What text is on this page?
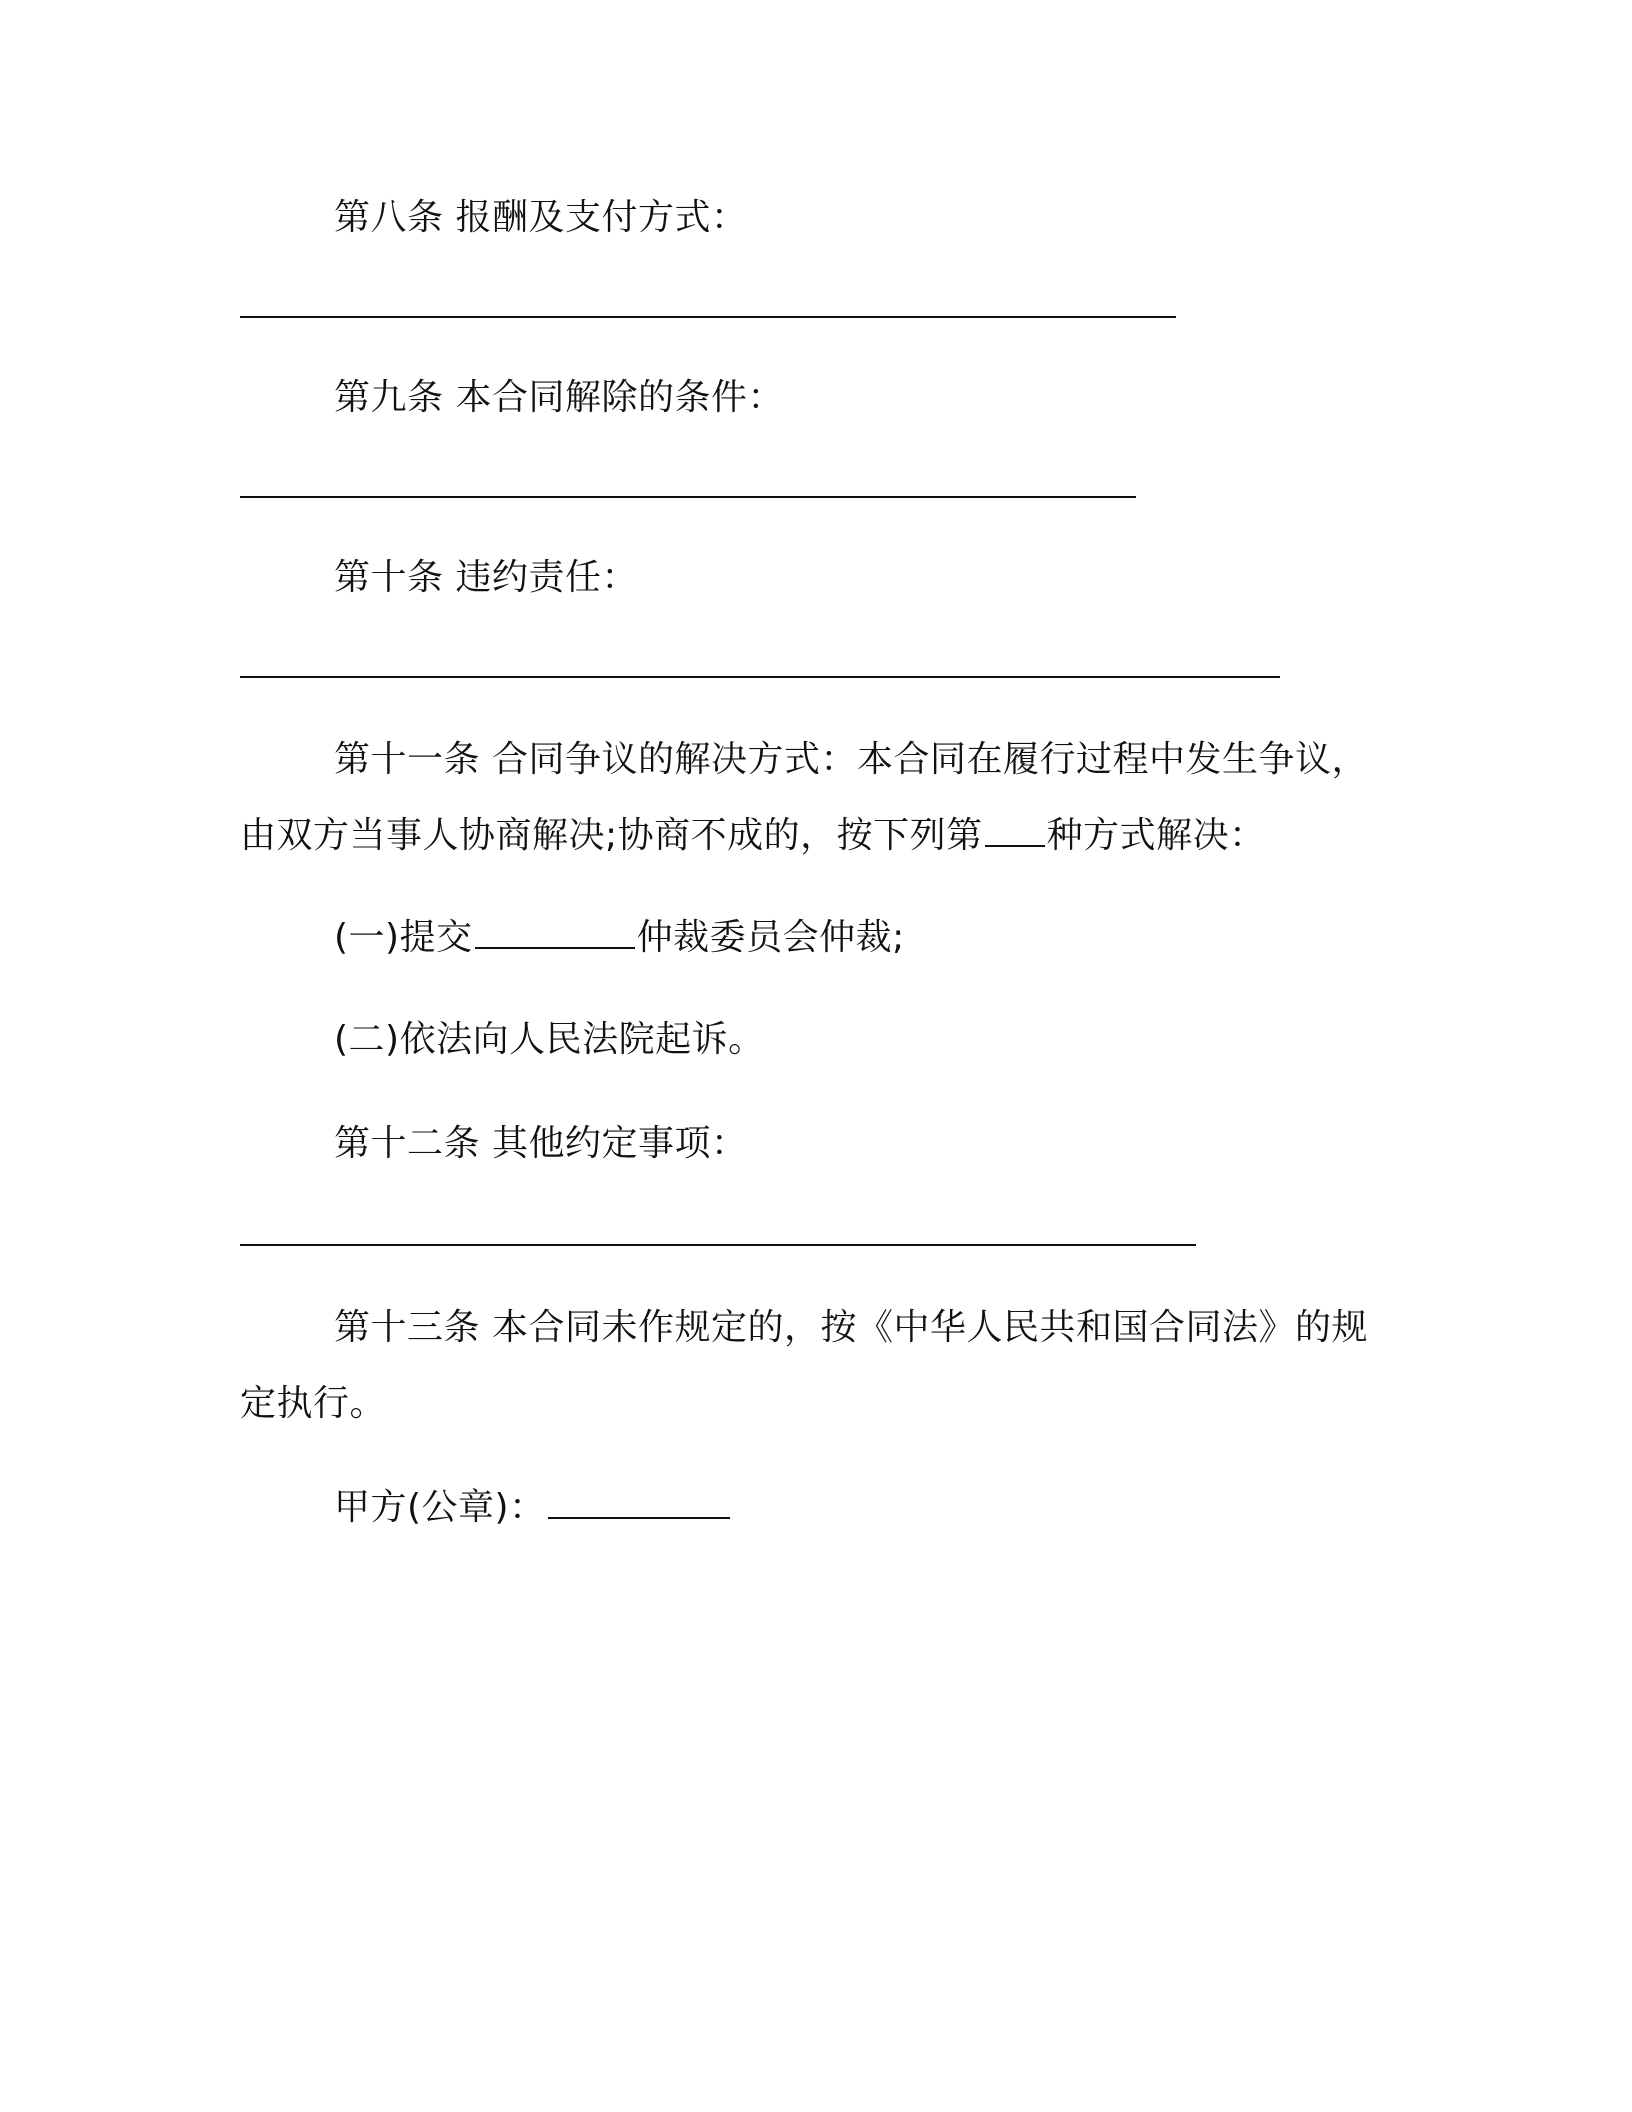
第八条 报酬及支付方式：
第九条 本合同解除的条件：
第十条 违约责任：
第十一条 合同争议的解决方式：本合同在履行过程中发生争议，
由双方当事人协商解决;协商不成的，按下列第 种方式解决：
(一)提交	仲裁委员会仲裁;
(二)依法向人民法院起诉。
第十二条 其他约定事项：
第十三条 本合同未作规定的，按《中华人民共和国合同法》的规
定执行。
甲方(公章)：
